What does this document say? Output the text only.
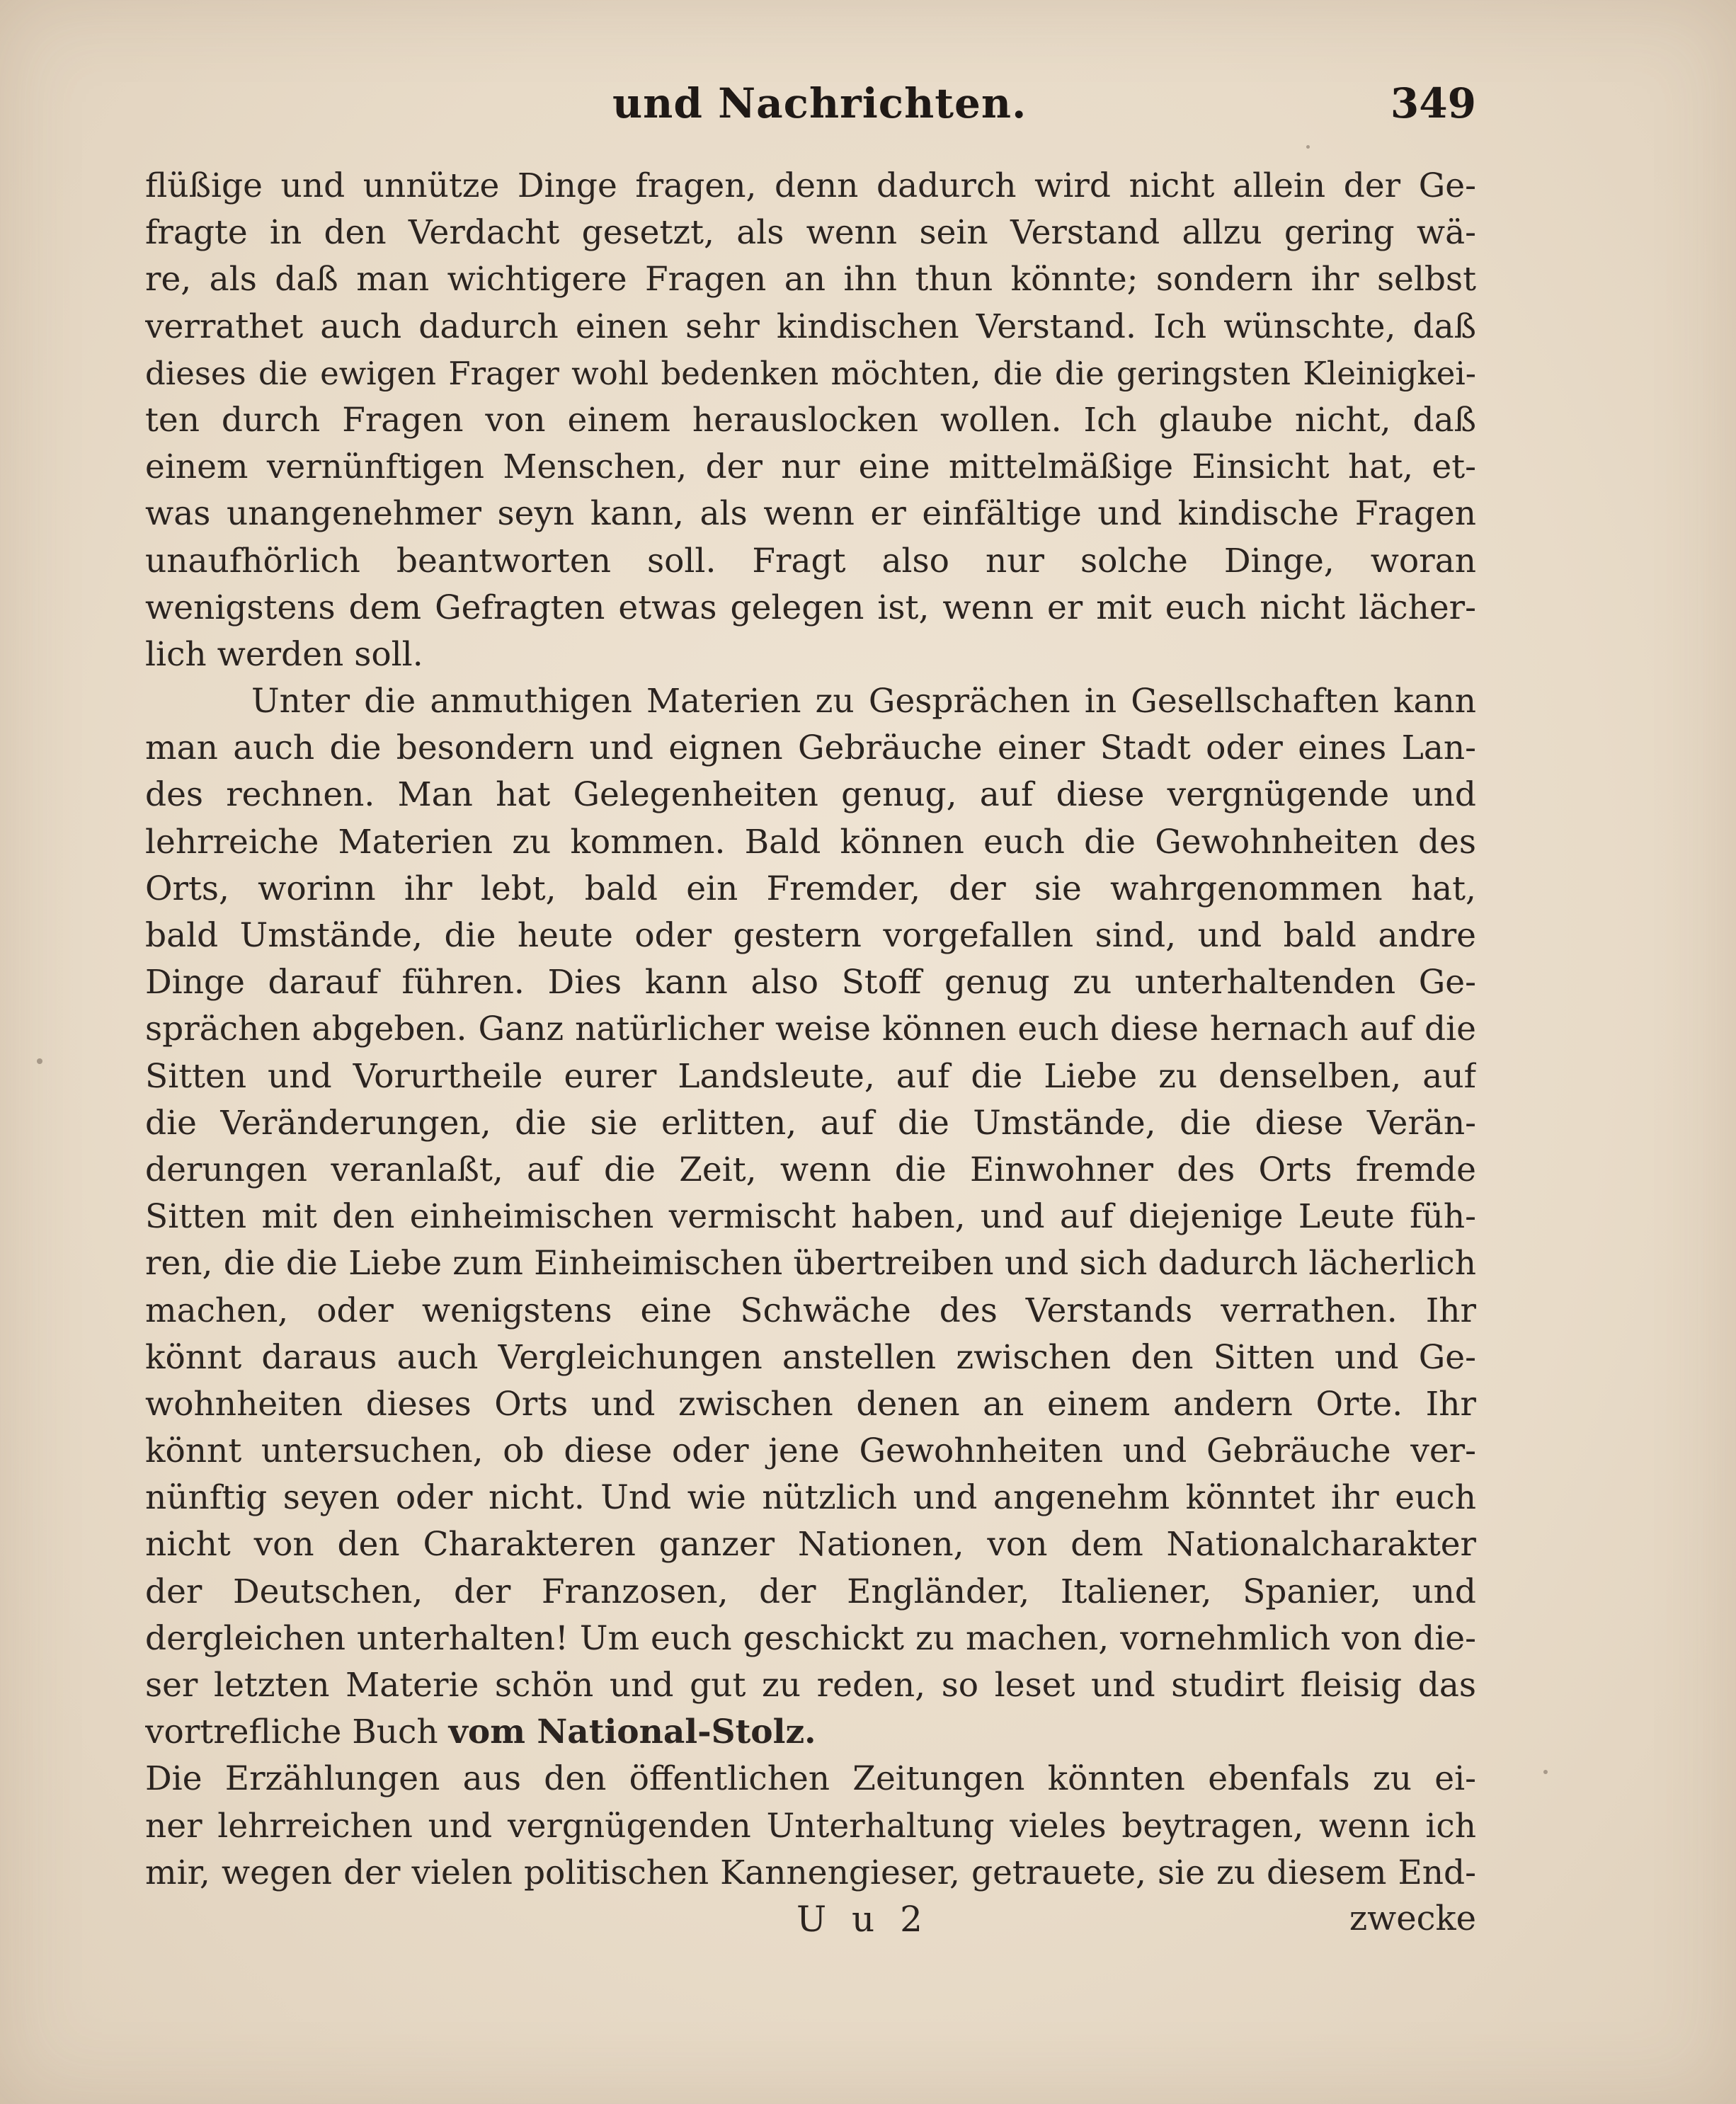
und Nachrichten.	349
flüßige und unnütze Dinge fragen, denn dadurch wird nicht allein der Ge-
fragte in den Verdacht gesetzt, als wenn sein Verstand allzu gering wä-
re, als daß man wichtigere Fragen an ihn thun könnte; sondern ihr selbst
verrathet auch dadurch einen sehr kindischen Verstand. Ich wünschte, daß
dieses die ewigen Frager wohl bedenken möchten, die die geringsten Kleinigkei-
ten durch Fragen von einem herauslocken wollen. Ich glaube nicht, daß
einem vernünftigen Menschen, der nur eine mittelmäßige Einsicht hat, et-
was unangenehmer seyn kann, als wenn er einfältige und kindische Fragen
unaufhörlich beantworten soll. Fragt also nur solche Dinge, woran
wenigstens dem Gefragten etwas gelegen ist, wenn er mit euch nicht lächer-
lich werden soll.
Unter die anmuthigen Materien zu Gesprächen in Gesellschaften kann
man auch die besondern und eignen Gebräuche einer Stadt oder eines Lan-
des rechnen. Man hat Gelegenheiten genug, auf diese vergnügende und
lehrreiche Materien zu kommen. Bald können euch die Gewohnheiten des
Orts, worinn ihr lebt, bald ein Fremder, der sie wahrgenommen hat,
bald Umstände, die heute oder gestern vorgefallen sind, und bald andre
Dinge darauf führen. Dies kann also Stoff genug zu unterhaltenden Ge-
sprächen abgeben. Ganz natürlicher weise können euch diese hernach auf die
Sitten und Vorurtheile eurer Landsleute, auf die Liebe zu denselben, auf
die Veränderungen, die sie erlitten, auf die Umstände, die diese Verän-
derungen veranlaßt, auf die Zeit, wenn die Einwohner des Orts fremde
Sitten mit den einheimischen vermischt haben, und auf diejenige Leute füh-
ren, die die Liebe zum Einheimischen übertreiben und sich dadurch lächerlich
machen, oder wenigstens eine Schwäche des Verstands verrathen. Ihr
könnt daraus auch Vergleichungen anstellen zwischen den Sitten und Ge-
wohnheiten dieses Orts und zwischen denen an einem andern Orte. Ihr
könnt untersuchen, ob diese oder jene Gewohnheiten und Gebräuche ver-
nünftig seyen oder nicht. Und wie nützlich und angenehm könntet ihr euch
nicht von den Charakteren ganzer Nationen, von dem Nationalcharakter
der Deutschen, der Franzosen, der Engländer, Italiener, Spanier, und
dergleichen unterhalten! Um euch geschickt zu machen, vornehmlich von die-
ser letzten Materie schön und gut zu reden, so leset und studirt fleisig das
vortrefliche Buch vom National-Stolz.
Die Erzählungen aus den öffentlichen Zeitungen könnten ebenfals zu ei-
ner lehrreichen und vergnügenden Unterhaltung vieles beytragen, wenn ich
mir, wegen der vielen politischen Kannengieser, getrauete, sie zu diesem End-
U u 2	zwecke
